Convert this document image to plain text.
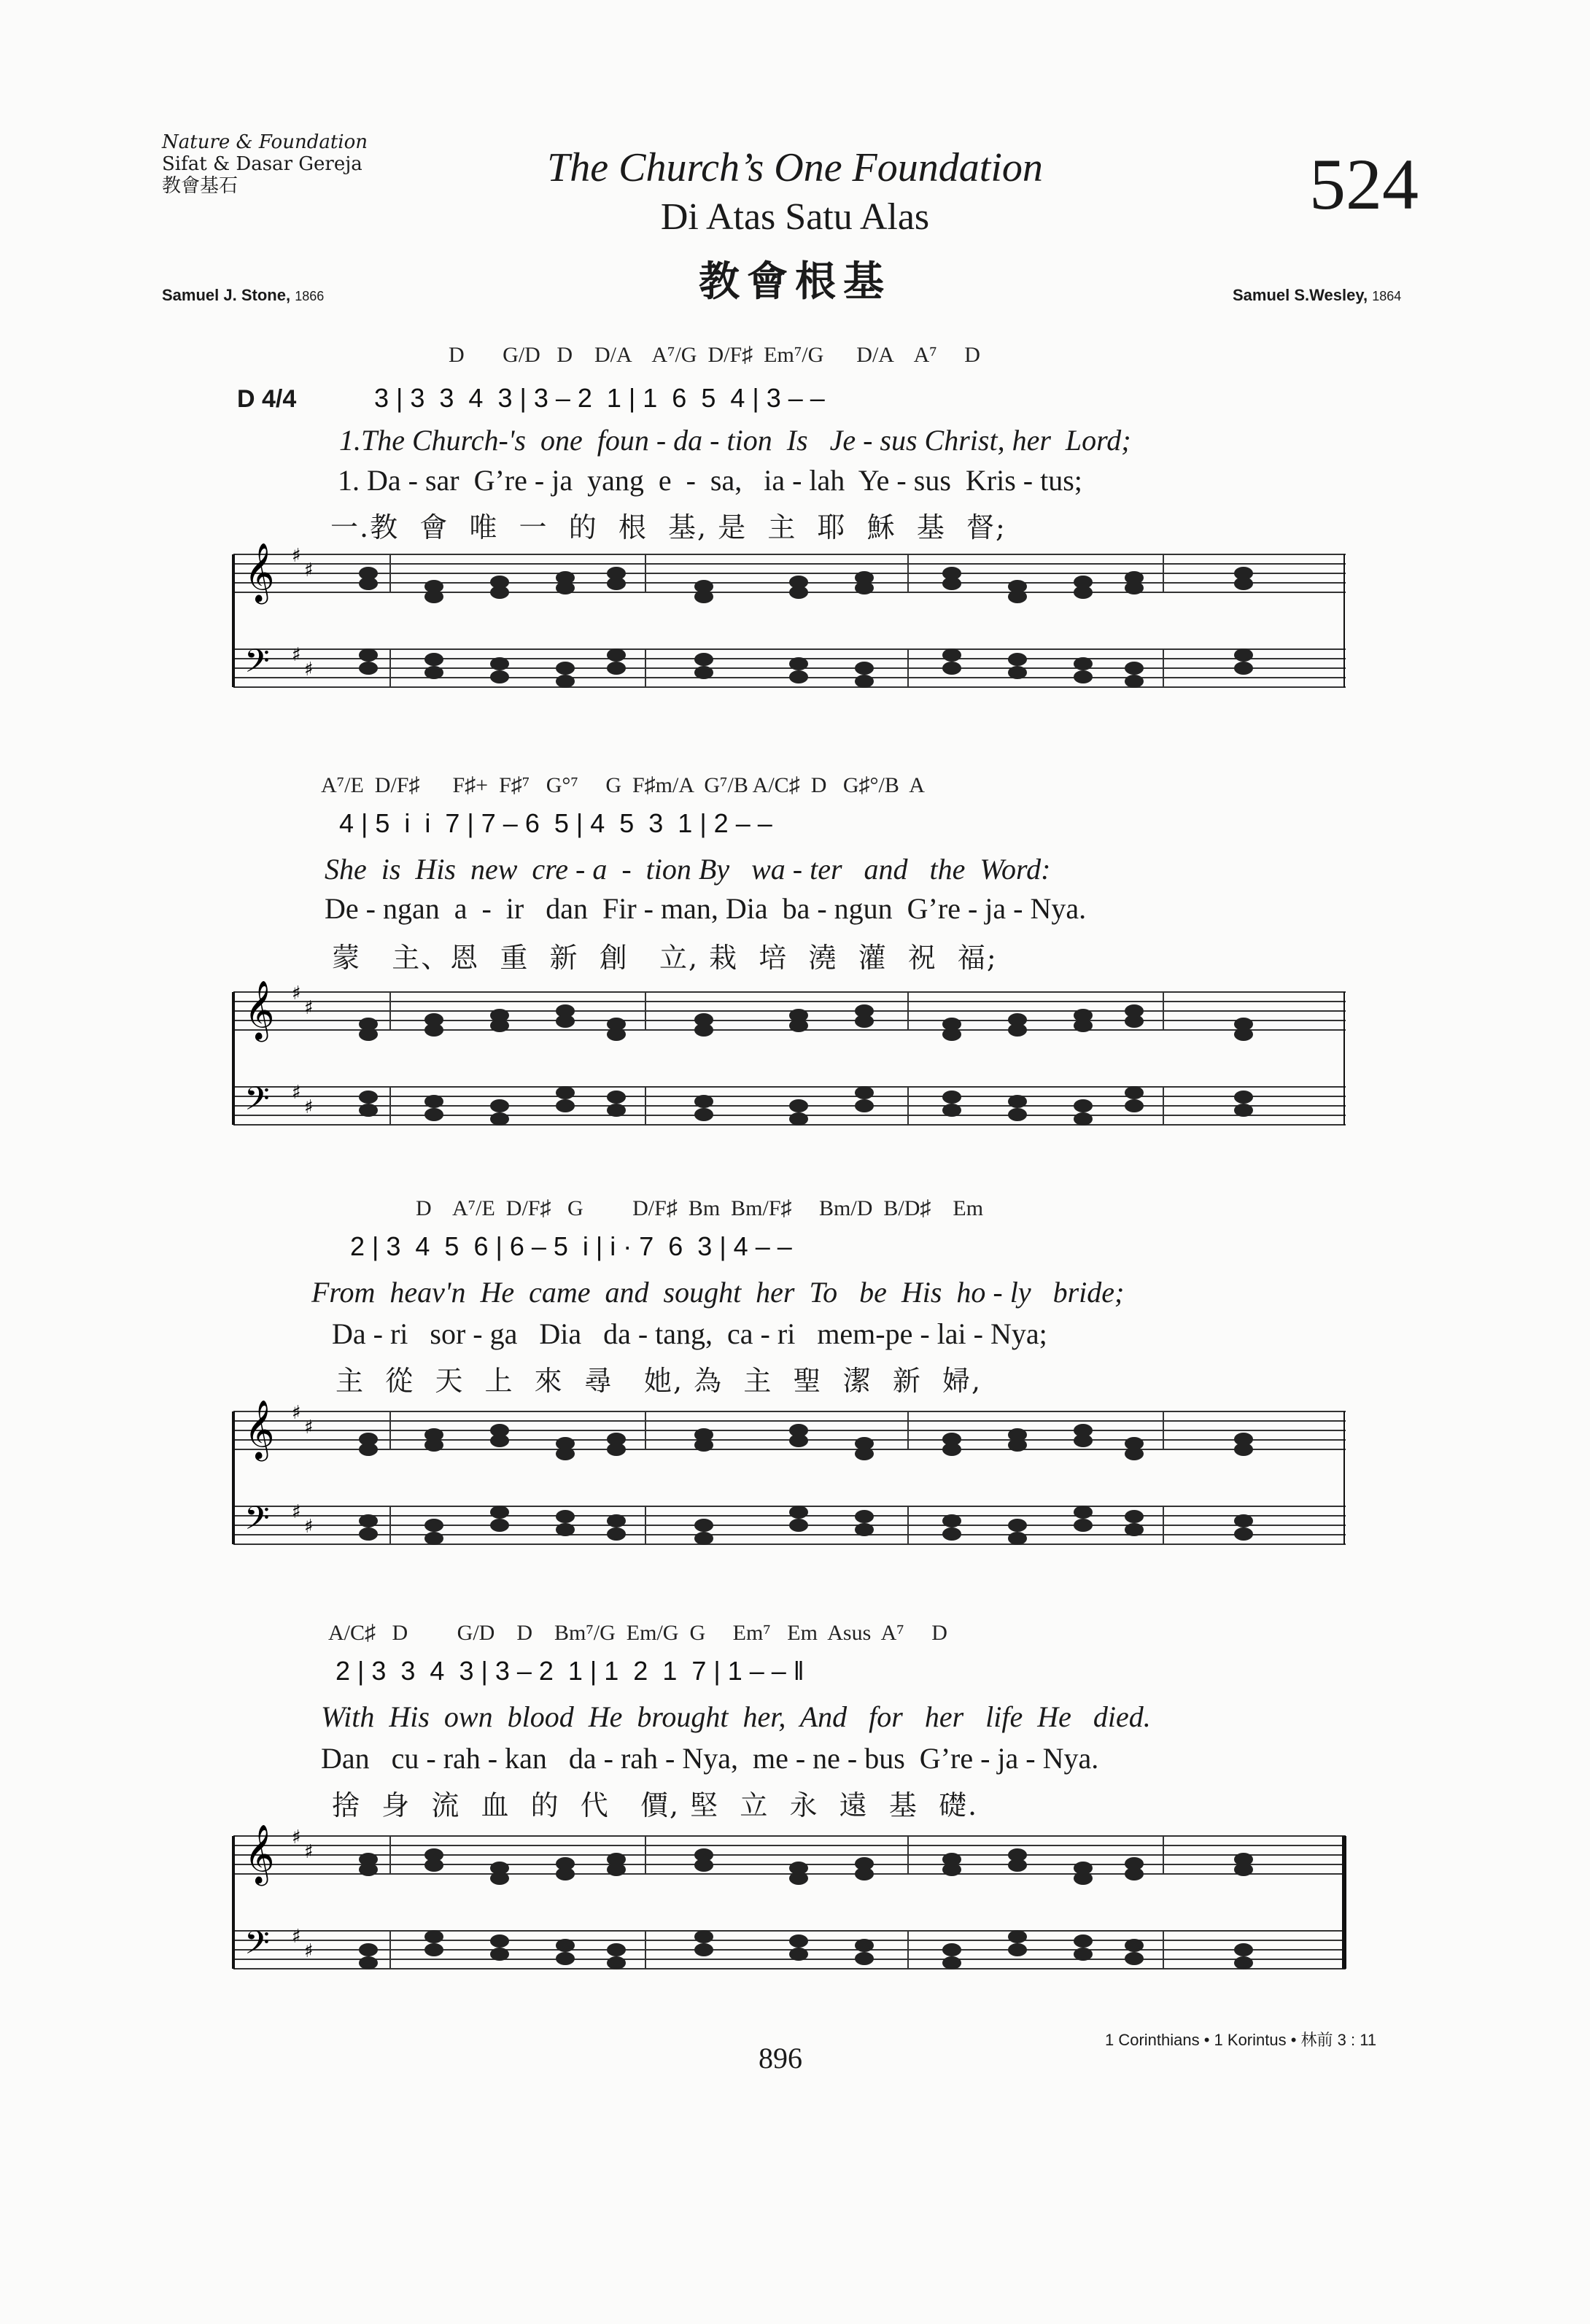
Nature & Foundation
Sifat & Dasar Gereja
教會基石	The Church’s One Foundation
Di Atas Satu Alas
教會根基
524
Samuel J. Stone, 1866	Samuel S.Wesley, 1864
D 4/4
D       G/D   D    D/A    A⁷/G  D/F♯  Em⁷/G      D/A    A⁷     D
3 | 3  3  4  3 | 3 – 2  1 | 1  6  5  4 | 3 – –
1.The Church-'s  one  foun - da - tion  Is   Je - sus Christ, her  Lord;
1. Da - sar  G’re - ja  yang  e  -  sa,   ia - lah  Ye - sus  Kris - tus;
一.教  會  唯  一  的  根  基, 是  主  耶  穌  基  督;
𝄞
𝄢
♯
♯
♯
♯
A⁷/E  D/F♯      F♯+  F♯⁷   G°⁷     G  F♯m/A  G⁷/B A/C♯  D   G♯°/B  A
4 | 5  i  i  7 | 7 – 6  5 | 4  5  3  1 | 2 – –
She  is  His  new  cre - a  -  tion By   wa - ter   and   the  Word:
De - ngan  a  -  ir   dan  Fir - man, Dia  ba - ngun  G’re - ja - Nya.
蒙   主、恩  重  新  創   立, 栽  培  澆  灌  祝  福;
𝄞
𝄢
♯
♯
♯
♯
D    A⁷/E  D/F♯   G         D/F♯  Bm  Bm/F♯     Bm/D  B/D♯    Em
2 | 3  4  5  6 | 6 – 5  i | i · 7  6  3 | 4 – –
From  heav'n  He  came  and  sought  her  To   be  His  ho - ly   bride;
Da - ri   sor - ga   Dia   da - tang,  ca - ri   mem-pe - lai - Nya;
主  從  天  上  來  尋   她, 為  主  聖  潔  新  婦,
𝄞
𝄢
♯
♯
♯
♯
A/C♯   D         G/D    D    Bm⁷/G  Em/G  G     Em⁷   Em  Asus  A⁷     D
2 | 3  3  4  3 | 3 – 2  1 | 1  2  1  7 | 1 – – ‖
With  His  own  blood  He  brought  her,  And   for   her   life  He   died.
Dan   cu - rah - kan   da - rah - Nya,  me - ne - bus  G’re - ja - Nya.
捨  身  流  血  的  代   價, 堅  立  永  遠  基  礎.
𝄞
𝄢
♯
♯
♯
♯
896
1 Corinthians • 1 Korintus • 林前 3 : 11
